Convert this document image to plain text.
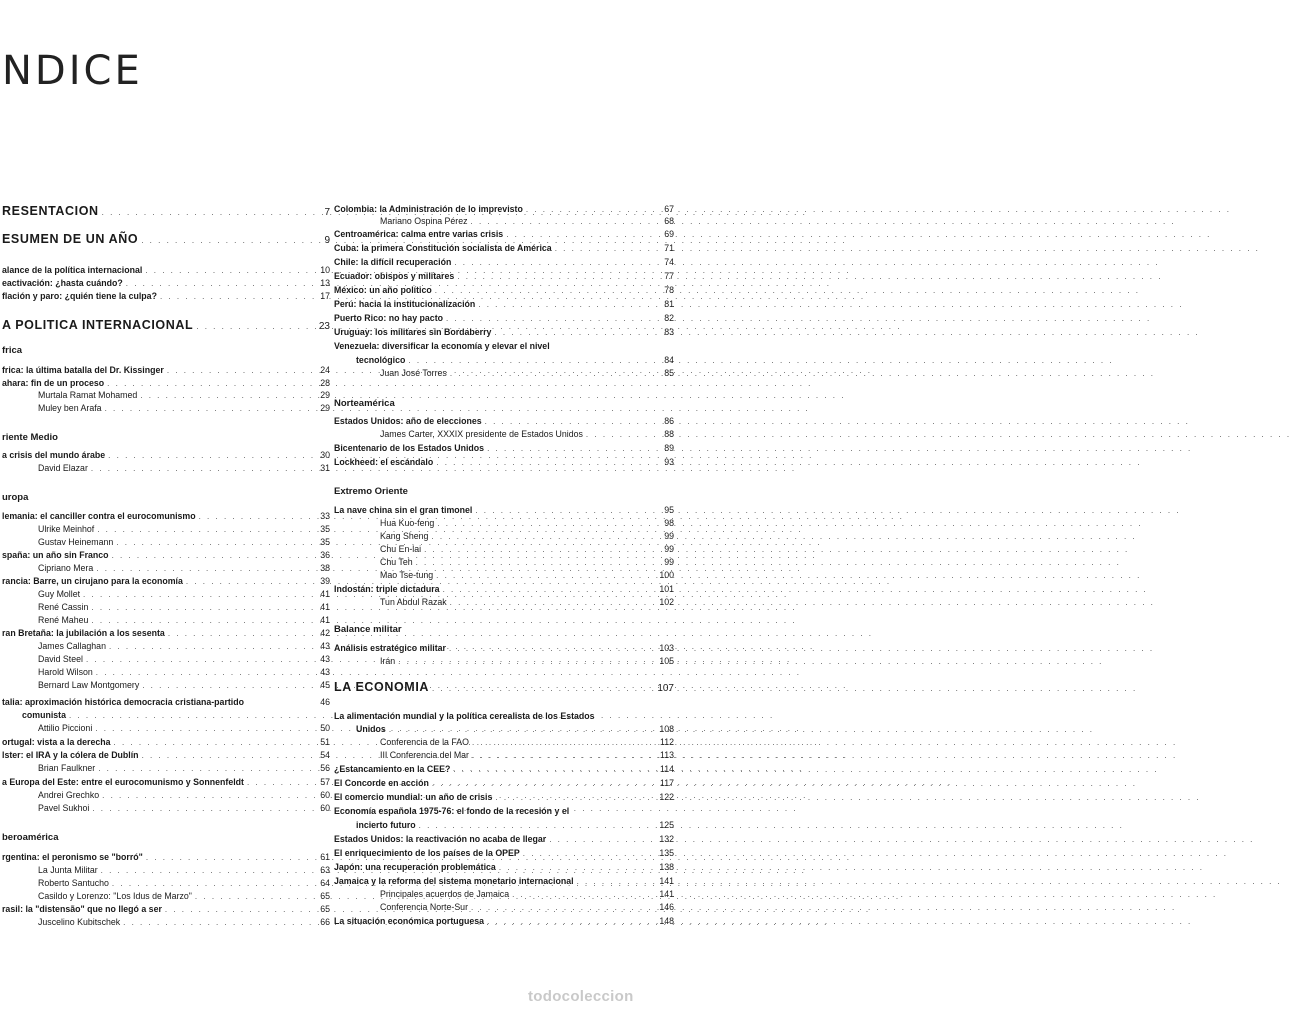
NDICE
RESENTACION . . .	7
ESUMEN DE UN AÑO . . .	9
alance de la política internacional . . .	10
eactivación: ¿hasta cuándo? . . .	13
flación y paro: ¿quién tiene la culpa? . . .	17
A POLITICA INTERNACIONAL . . .	23
frica
frica: la última batalla del Dr. Kissinger . . .	24
ahara: fin de un proceso . . .	28
Murtala Ramat Mohamed . . .	29
Muley ben Arafa . . .	29
riente Medio
a crisis del mundo árabe . . .	30
David Elazar . . .	31
uropa
lemania: el canciller contra el eurocomunismo . . .	33
Ulrike Meinhof . . .	35
Gustav Heinemann . . .	35
spaña: un año sin Franco . . .	36
Cipriano Mera . . .	38
rancia: Barre, un cirujano para la economía . . .	39
Guy Mollet . . .	41
René Cassin . . .	41
René Maheu . . .	41
ran Bretaña: la jubilación a los sesenta . . .	42
James Callaghan . . .	43
David Steel . . .	43
Harold Wilson . . .	43
Bernard Law Montgomery . . .	45
talia: aproximación histórica democracia cristiana-partido	46
comunista
. . .
Attilio Piccioni . . .	50
ortugal: vista a la derecha . . .	51
lster: el IRA y la cólera de Dublín . . .	54
Brian Faulkner . . .	56
a Europa del Este: entre el eurocomunismo y Sonnenfeldt . . .	57
Andrei Grechko . . .	60
Pavel Sukhoi . . .	60
beroamérica
rgentina: el peronismo se "borró" . . .	61
La Junta Militar . . .	63
Roberto Santucho . . .	64
Casildo y Lorenzo: "Los Idus de Marzo" . . .	65
rasil: la "distensão" que no llegó a ser . . .	65
Juscelino Kubitschek . . .	66
Colombia: la Administración de lo imprevisto . . .	67
Mariano Ospina Pérez . . .	68
Centroamérica: calma entre varias crisis . . .	69
Cuba: la primera Constitución socialista de América . . .	71
Chile: la difícil recuperación . . .	74
Ecuador: obispos y militares . . .	77
México: un año político . . .	78
Perú: hacia la institucionalización . . .	81
Puerto Rico: no hay pacto . . .	82
Uruguay: los militares sin Bordaberry . . .	83
Venezuela: diversificar la economía y elevar el nivel
tecnológico . . .	84
Juan José Torres . . .	85
Norteamérica
Estados Unidos: año de elecciones . . .	86
James Carter, XXXIX presidente de Estados Unidos . . .	88
Bicentenario de los Estados Unidos . . .	89
Lockheed: el escándalo . . .	93
Extremo Oriente
La nave china sin el gran timonel . . .	95
Hua Kuo-feng . . .	98
Kang Sheng . . .	99
Chu En-lai . . .	99
Chu Teh . . .	99
Mao Tse-tung . . .	100
Indostán: triple dictadura . . .	101
Tun Abdul Razak . . .	102
Balance militar
Análisis estratégico militar . . .	103
Irán . . .	105
LA ECONOMIA . . .	107
La alimentación mundial y la política cerealista de los Estados
Unidos . . .	108
Conferencia de la FAO . . .	112
III Conferencia del Mar . . .	113
¿Estancamiento en la CEE? . . .	114
El Concorde en acción . . .	117
El comercio mundial: un año de crisis . . .	122
Economía española 1975-76: el fondo de la recesión y el
incierto futuro . . .	125
Estados Unidos: la reactivación no acaba de llegar . . .	132
El enriquecimiento de los países de la OPEP . . .	135
Japón: una recuperación problemática . . .	138
Jamaica y la reforma del sistema monetario internacional . . .	141
Principales acuerdos de Jamaica . . .	141
Conferencia Norte-Sur . . .	146
La situación económica portuguesa . . .	148
todocoleccion
